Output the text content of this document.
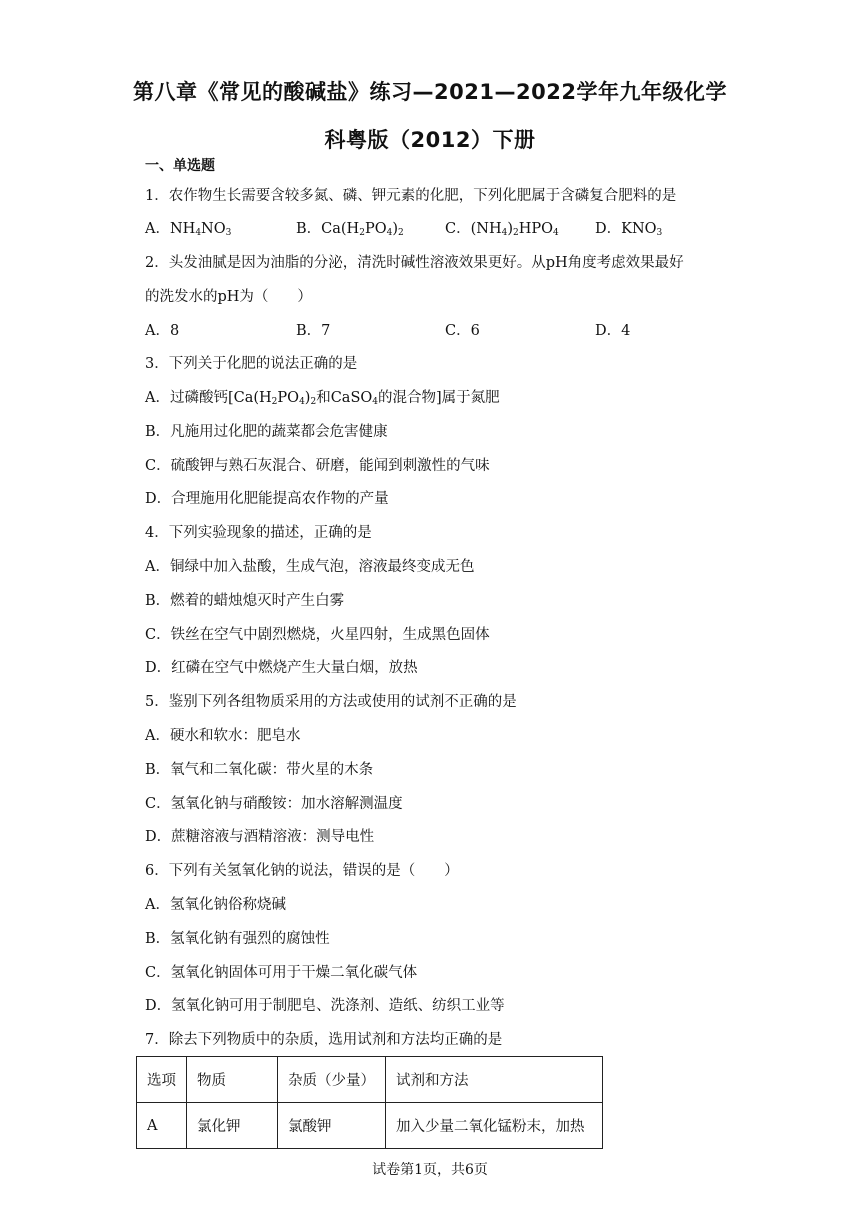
第八章《常见的酸碱盐》练习—2021—2022学年九年级化学
科粤版（2012）下册
一、单选题
1．农作物生长需要含较多氮、磷、钾元素的化肥，下列化肥属于含磷复合肥料的是
A．$NH_4NO_3$	B．$Ca(H_2PO_4)_2$	C．$(NH_4)_2HPO_4$ D．$KNO_3$
2．头发油腻是因为油脂的分泌，清洗时碱性溶液效果更好。从pH角度考虑效果最好
的洗发水的pH为（　　）
A．8	B．7	C．6	D．4
3．下列关于化肥的说法正确的是
A．过磷酸钙[$Ca(H_2PO_4)_2$和CaSO$_4$的混合物]属于氮肥
B．凡施用过化肥的蔬菜都会危害健康
C．硫酸钾与熟石灰混合、研磨，能闻到刺激性的气味
D．合理施用化肥能提高农作物的产量
4．下列实验现象的描述，正确的是
A．铜绿中加入盐酸，生成气泡，溶液最终变成无色
B．燃着的蜡烛熄灭时产生白雾
C．铁丝在空气中剧烈燃烧，火星四射，生成黑色固体
D．红磷在空气中燃烧产生大量白烟，放热
5．鉴别下列各组物质采用的方法或使用的试剂不正确的是
A．硬水和软水：肥皂水
B．氧气和二氧化碳：带火星的木条
C．氢氧化钠与硝酸铵：加水溶解测温度
D．蔗糖溶液与酒精溶液：测导电性
6．下列有关氢氧化钠的说法，错误的是（　　）
A．氢氧化钠俗称烧碱
B．氢氧化钠有强烈的腐蚀性
C．氢氧化钠固体可用于干燥二氧化碳气体
D．氢氧化钠可用于制肥皂、洗涤剂、造纸、纺织工业等
7．除去下列物质中的杂质，选用试剂和方法均正确的是
选项	物质	杂质（少量）	试剂和方法
A	氯化钾	氯酸钾	加入少量二氧化锰粉末，加热
试卷第1页，共6页
